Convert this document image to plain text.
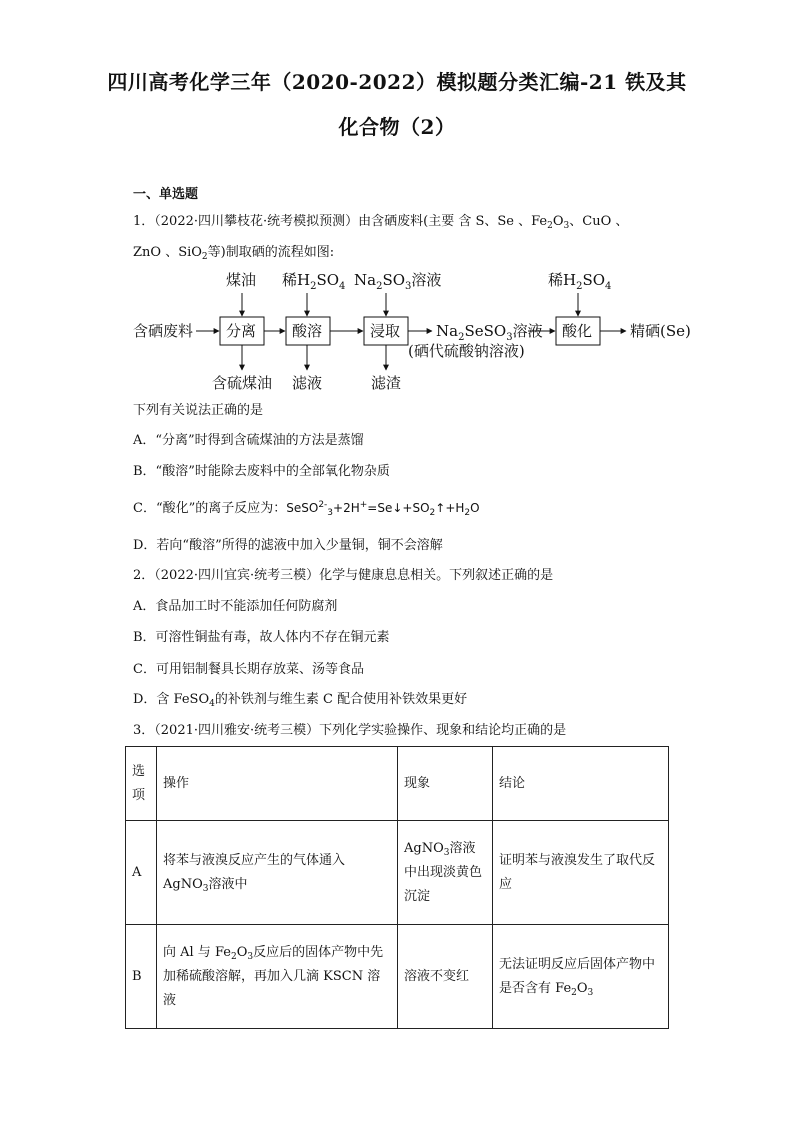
四川高考化学三年（2020-2022）模拟题分类汇编-21 铁及其
化合物（2）
一、单选题
1．（2022·四川攀枝花·统考模拟预测）由含硒废料(主要 含 S、Se 、$Fe_2O_3$、CuO 、
ZnO 、SiO$_2$等)制取硒的流程如图:
煤油 稀$H_2SO_4$ $Na_2SO_3$溶液	稀$H_2SO_4$
含硒废料 分离 酸溶	浸取 $Na_2SeSO_3$溶液
(硒代硫酸钠溶液)
酸化	精硒(Se)
含硫煤油 滤液	滤渣
下列有关说法正确的是
A．“分离”时得到含硫煤油的方法是蒸馏
B．“酸溶”时能除去废料中的全部氧化物杂质
C．“酸化”的离子反应为：$SeSO^{2-}_3+2H^+=Se↓+SO_2↑+H_2O$
D．若向“酸溶”所得的滤液中加入少量铜，铜不会溶解
2．（2022·四川宜宾·统考三模）化学与健康息息相关。下列叙述正确的是
A．食品加工时不能添加任何防腐剂
B．可溶性铜盐有毒，故人体内不存在铜元素
C．可用铝制餐具长期存放菜、汤等食品
D．含 FeSO$_4$的补铁剂与维生素 C 配合使用补铁效果更好
3．（2021·四川雅安·统考三模）下列化学实验操作、现象和结论均正确的是
选项	操作	现象	结论
A	将苯与液溴反应产生的气体通入
AgNO$_3$溶液中	AgNO$_3$溶液中出现淡黄色沉淀	证明苯与液溴发生了取代反应
B	向 Al 与 $Fe_2O_3$反应后的固体产物中先加稀硫酸溶解，再加入几滴 KSCN 溶液	溶液不变红	无法证明反应后固体产物中是否含有 $Fe_2O_3$
